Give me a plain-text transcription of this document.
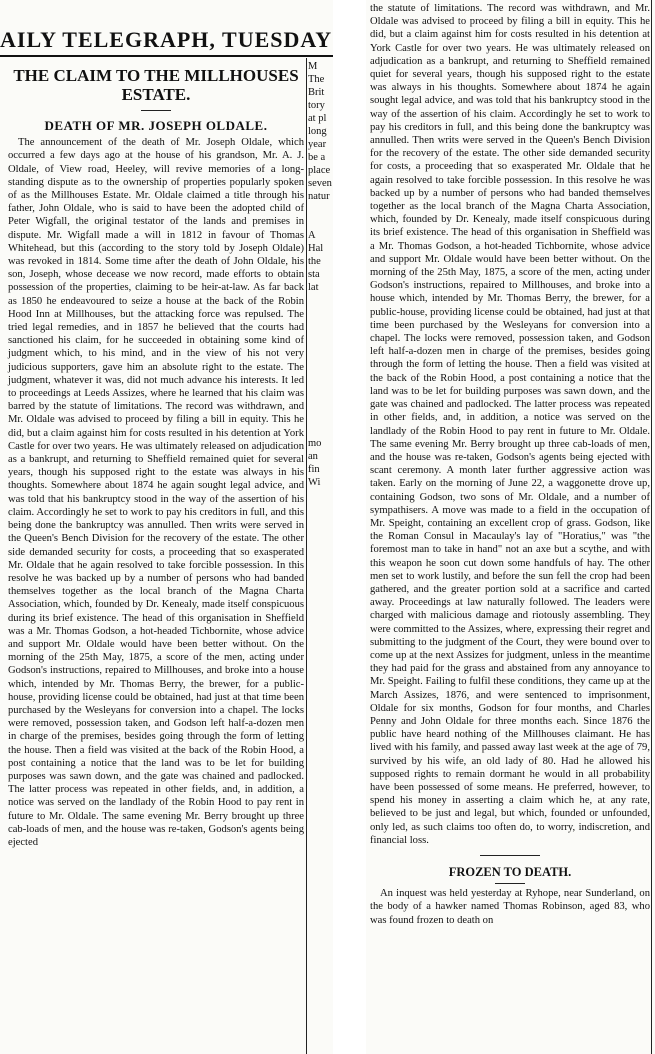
AILY TELEGRAPH, TUESDAY
THE CLAIM TO THE MILLHOUSES ESTATE.
DEATH OF MR. JOSEPH OLDALE.

The announcement of the death of Mr. Joseph Oldale, which occurred a few days ago at the house of his grandson, Mr. A. J. Oldale, of View road, Heeley, will revive memories of a long-standing dispute as to the ownership of properties popularly spoken of as the Millhouses Estate. Mr. Oldale claimed a title through his father, John Oldale, who is said to have been the adopted child of Peter Wigfall, the original testator of the lands and premises in dispute. Mr. Wigfall made a will in 1812 in favour of Thomas Whitehead, but this (according to the story told by Joseph Oldale) was revoked in 1814. Some time after the death of John Oldale, his son, Joseph, whose decease we now record, made efforts to obtain possession of the properties, claiming to be heir-at-law. As far back as 1850 he endeavoured to seize a house at the back of the Robin Hood Inn at Millhouses, but the attacking force was repulsed. The tried legal remedies, and in 1857 he believed that the courts had sanctioned his claim, for he succeeded in obtaining some kind of judgment which, to his mind, and in the view of his not very judicious supporters, gave him an absolute right to the estate. The judgment, whatever it was, did not much advance his interests. It led to proceedings at Leeds Assizes, where he learned that his claim was barred by the statute of limitations. The record was withdrawn, and Mr. Oldale was advised to proceed by filing a bill in equity. This he did, but a claim against him for costs resulted in his detention at York Castle for over two years. He was ultimately released on adjudication as a bankrupt, and returning to Sheffield remained quiet for several years, though his supposed right to the estate was always in his thoughts. Somewhere about 1874 he again sought legal advice, and was told that his bankruptcy stood in the way of the assertion of his claim. Accordingly he set to work to pay his creditors in full, and this being done the bankruptcy was annulled. Then writs were served in the Queen's Bench Division for the recovery of the estate. The other side demanded security for costs, a proceeding that so exasperated Mr. Oldale that he again resolved to take forcible possession. In this resolve he was backed up by a number of persons who had banded themselves together as the local branch of the Magna Charta Association, which, founded by Dr. Kenealy, made itself conspicuous during its brief existence. The head of this organisation in Sheffield was a Mr. Thomas Godson, a hot-headed Tichbornite, whose advice and support Mr. Oldale would have been better without. On the morning of the 25th May, 1875, a score of the men, acting under Godson's instructions, repaired to Millhouses, and broke into a house which, intended by Mr. Thomas Berry, the brewer, for a public-house, providing license could be obtained, had just at that time been purchased by the Wesleyans for conversion into a chapel. The locks were removed, possession taken, and Godson left half-a-dozen men in charge of the premises, besides going through the form of letting the house. Then a field was visited at the back of the Robin Hood, a post containing a notice that the land was to be let for building purposes was sawn down, and the gate was chained and padlocked. The latter process was repeated in other fields, and, in addition, a notice was served on the landlady of the Robin Hood to pay rent in future to Mr. Oldale. The same evening Mr. Berry brought up three cab-loads of men, and the house was re-taken, Godson's agents being ejected

M
The
Brit
tory
at pl
long
year
be a
place
seven
natur

A
Hal
the
sta
lat

mo
an
fin
Wi

the statute of limitations. The record was withdrawn, and Mr. Oldale was advised to proceed by filing a bill in equity. This he did, but a claim against him for costs resulted in his detention at York Castle for over two years. He was ultimately released on adjudication as a bankrupt, and returning to Sheffield remained quiet for several years, though his supposed right to the estate was always in his thoughts. Somewhere about 1874 he again sought legal advice, and was told that his bankruptcy stood in the way of the assertion of his claim. Accordingly he set to work to pay his creditors in full, and this being done the bankruptcy was annulled. Then writs were served in the Queen's Bench Division for the recovery of the estate. The other side demanded security for costs, a proceeding that so exasperated Mr. Oldale that he again resolved to take forcible possession. In this resolve he was backed up by a number of persons who had banded themselves together as the local branch of the Magna Charta Association, which, founded by Dr. Kenealy, made itself conspicuous during its brief existence. The head of this organisation in Sheffield was a Mr. Thomas Godson, a hot-headed Tichbornite, whose advice and support Mr. Oldale would have been better without. On the morning of the 25th May, 1875, a score of the men, acting under Godson's instructions, repaired to Millhouses, and broke into a house which, intended by Mr. Thomas Berry, the brewer, for a public-house, providing license could be obtained, had just at that time been purchased by the Wesleyans for conversion into a chapel. The locks were removed, possession taken, and Godson left half-a-dozen men in charge of the premises, besides going through the form of letting the house. Then a field was visited at the back of the Robin Hood, a post containing a notice that the land was to be let for building purposes was sawn down, and the gate was chained and padlocked. The latter process was repeated in other fields, and, in addition, a notice was served on the landlady of the Robin Hood to pay rent in future to Mr. Oldale. The same evening Mr. Berry brought up three cab-loads of men, and the house was re-taken, Godson's agents being ejected with scant ceremony. A month later further aggressive action was taken. Early on the morning of June 22, a waggonette drove up, containing Godson, two sons of Mr. Oldale, and a number of sympathisers. A move was made to a field in the occupation of Mr. Speight, containing an excellent crop of grass. Godson, like the Roman Consul in Macaulay's lay of "Horatius," was "the foremost man to take in hand" not an axe but a scythe, and with this weapon he soon cut down some handfuls of hay. The other men set to work lustily, and before the sun fell the crop had been gathered, and the greater portion sold at a sacrifice and carted away. Proceedings at law naturally followed. The leaders were charged with malicious damage and riotously assembling. They were committed to the Assizes, where, expressing their regret and submitting to the judgment of the Court, they were bound over to come up at the next Assizes for judgment, unless in the meantime they had paid for the grass and abstained from any annoyance to Mr. Speight. Failing to fulfil these conditions, they came up at the March Assizes, 1876, and were sentenced to imprisonment, Oldale for six months, Godson for four months, and Charles Penny and John Oldale for three months each. Since 1876 the public have heard nothing of the Millhouses claimant. He has lived with his family, and passed away last week at the age of 79, survived by his wife, an old lady of 80. Had he allowed his supposed rights to remain dormant he would in all probability have been possessed of some means. He preferred, however, to spend his money in asserting a claim which he, at any rate, believed to be just and legal, but which, founded or unfounded, only led, as such claims too often do, to worry, indiscretion, and financial loss.

FROZEN TO DEATH.

An inquest was held yesterday at Ryhope, near Sunderland, on the body of a hawker named Thomas Robinson, aged 83, who was found frozen to death on
